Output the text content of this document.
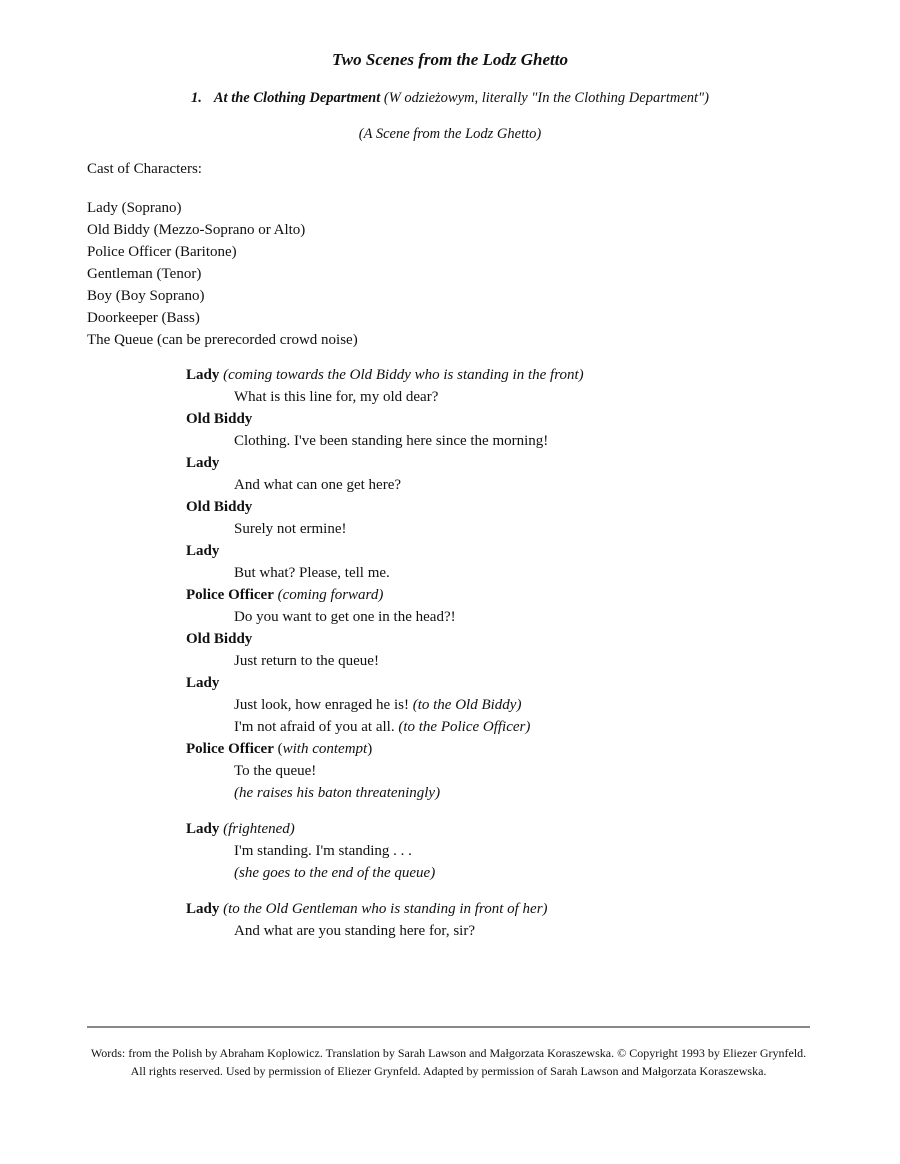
Two Scenes from the Lodz Ghetto
1. At the Clothing Department (W odzieżowym, literally "In the Clothing Department")
(A Scene from the Lodz Ghetto)
Cast of Characters:
Lady (Soprano)
Old Biddy (Mezzo-Soprano or Alto)
Police Officer (Baritone)
Gentleman (Tenor)
Boy (Boy Soprano)
Doorkeeper (Bass)
The Queue (can be prerecorded crowd noise)
Lady (coming towards the Old Biddy who is standing in the front)
What is this line for, my old dear?
Old Biddy
Clothing. I've been standing here since the morning!
Lady
And what can one get here?
Old Biddy
Surely not ermine!
Lady
But what? Please, tell me.
Police Officer (coming forward)
Do you want to get one in the head?!
Old Biddy
Just return to the queue!
Lady
Just look, how enraged he is! (to the Old Biddy)
I'm not afraid of you at all. (to the Police Officer)
Police Officer (with contempt)
To the queue!
(he raises his baton threateningly)
Lady (frightened)
I'm standing. I'm standing . . .
(she goes to the end of the queue)
Lady (to the Old Gentleman who is standing in front of her)
And what are you standing here for, sir?
Words: from the Polish by Abraham Koplowicz. Translation by Sarah Lawson and Małgorzata Koraszewska. © Copyright 1993 by Eliezer Grynfeld. All rights reserved. Used by permission of Eliezer Grynfeld. Adapted by permission of Sarah Lawson and Małgorzata Koraszewska.
